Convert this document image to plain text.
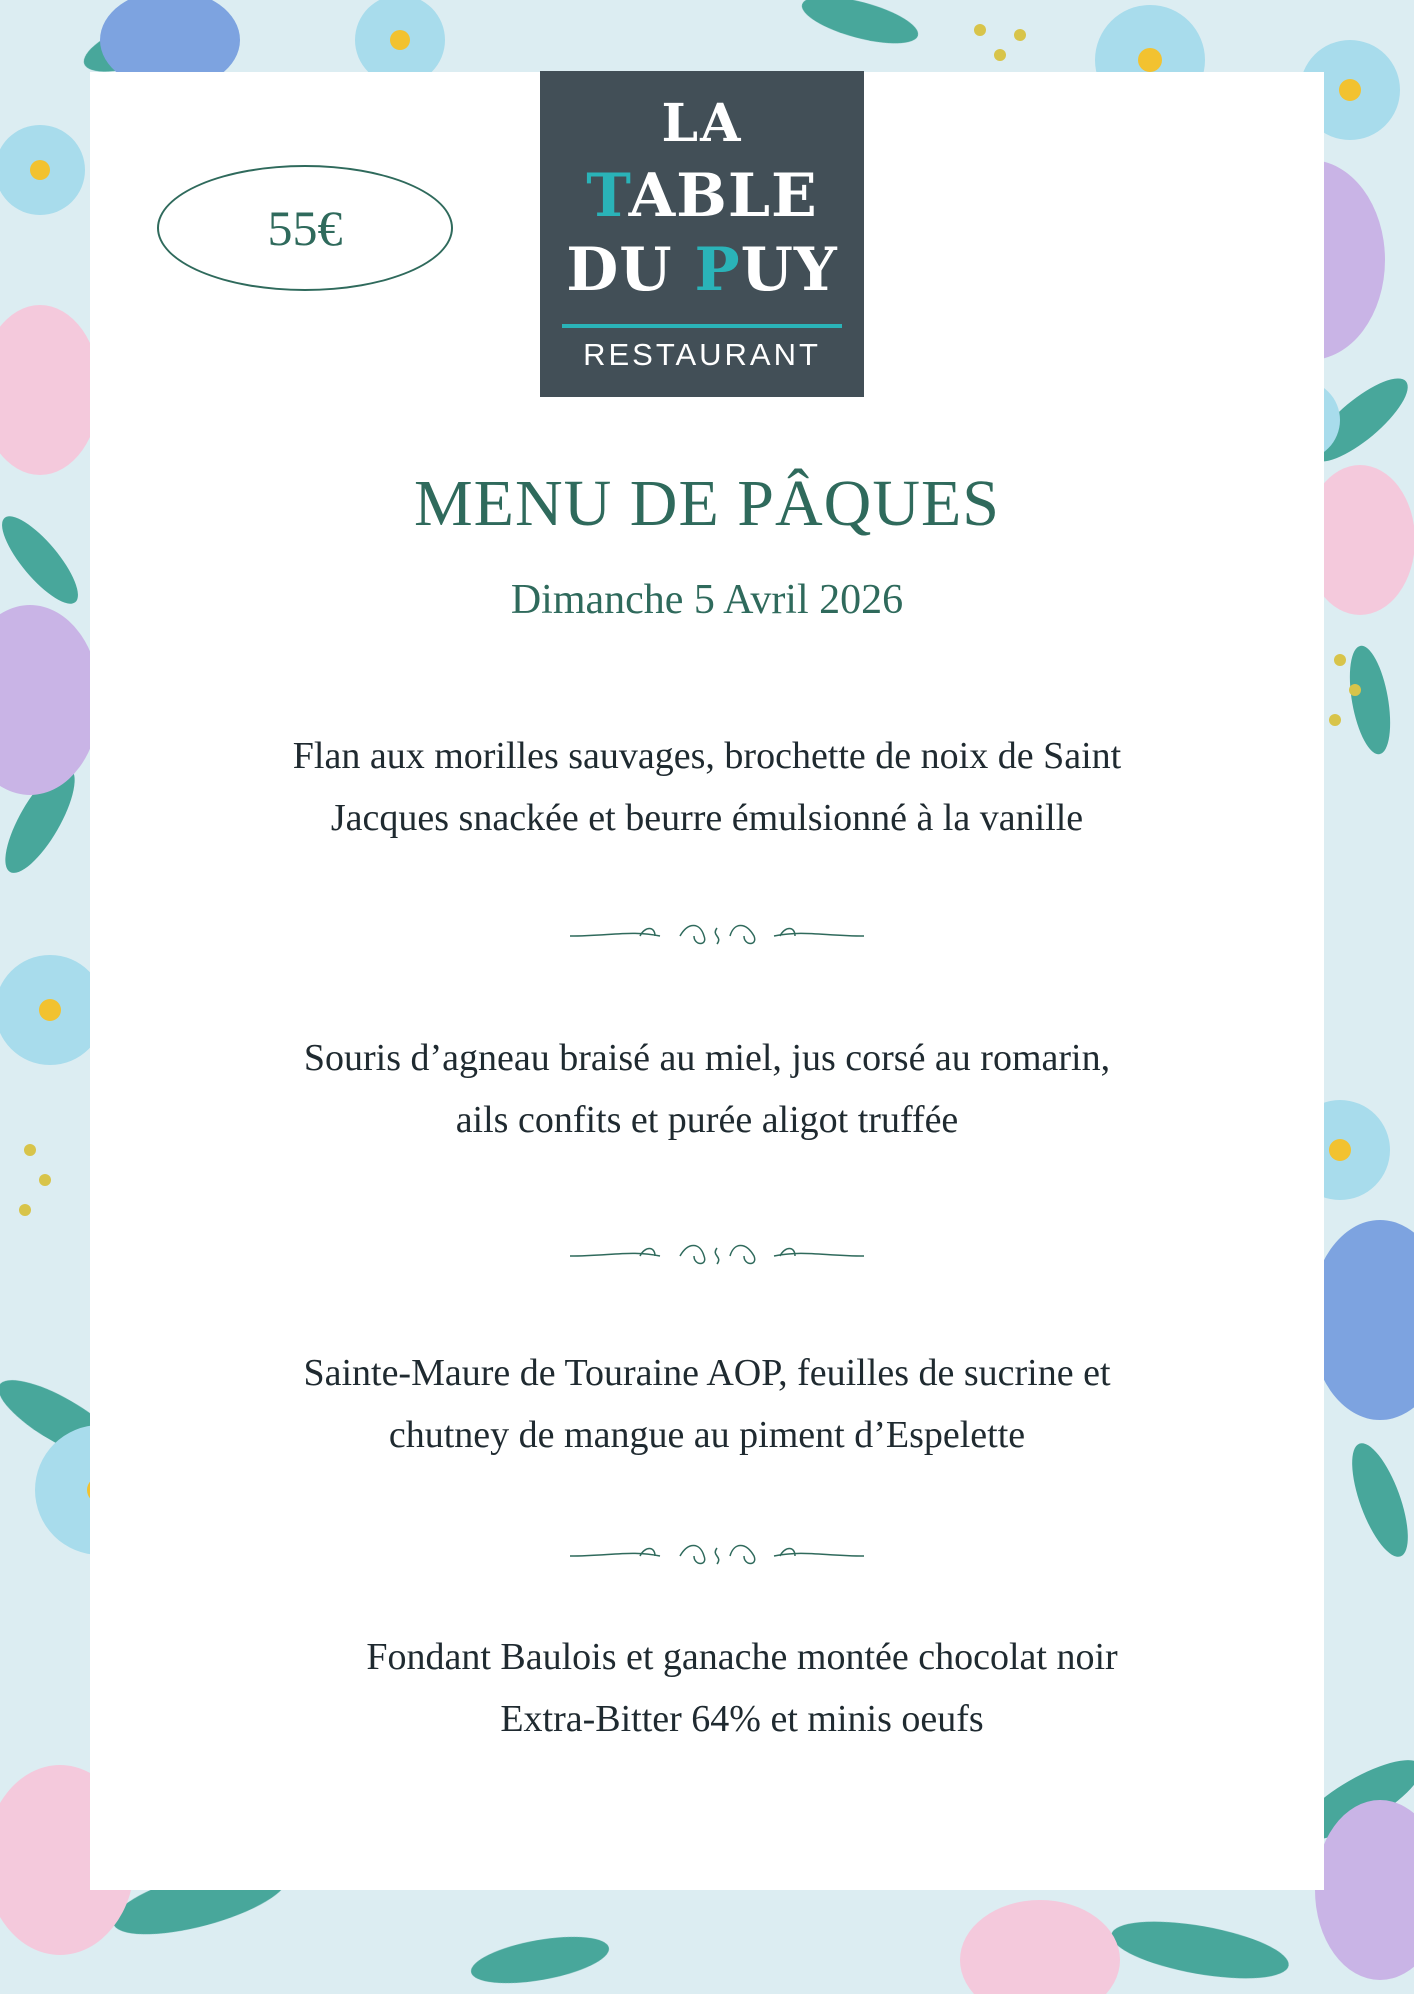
55€
LA
TABLE
DU PUY
RESTAURANT
MENU DE PÂQUES
Dimanche 5 Avril 2026
Flan aux morilles sauvages, brochette de noix de Saint
Jacques snackée et beurre émulsionné à la vanille
Souris d’agneau braisé au miel, jus corsé au romarin,
ails confits et purée aligot truffée
Sainte-Maure de Touraine AOP, feuilles de sucrine et
chutney de mangue au piment d’Espelette
Fondant Baulois et ganache montée chocolat noir
Extra-Bitter 64% et minis oeufs
